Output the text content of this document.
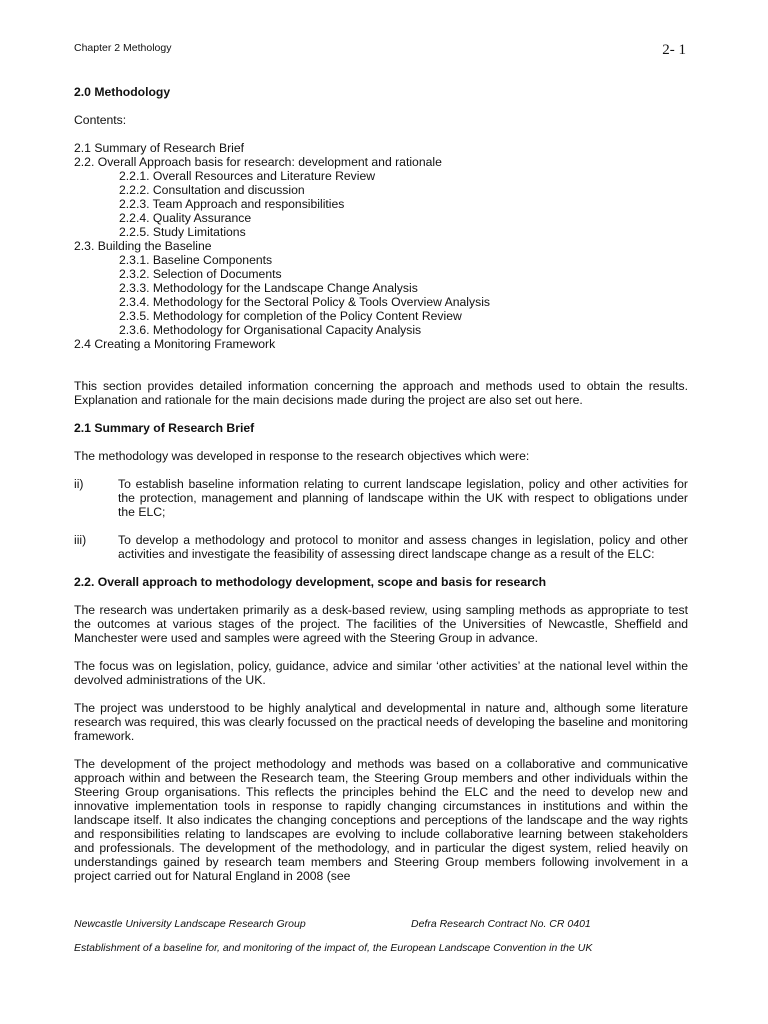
Chapter 2 Methology	2- 1
2.0 Methodology
Contents:
2.1 Summary of Research Brief
2.2. Overall Approach basis for research: development and rationale
2.2.1. Overall Resources and Literature Review
2.2.2. Consultation and discussion
2.2.3. Team Approach and responsibilities
2.2.4. Quality Assurance
2.2.5. Study Limitations
2.3. Building the Baseline
2.3.1. Baseline Components
2.3.2. Selection of Documents
2.3.3. Methodology for the Landscape Change Analysis
2.3.4. Methodology for the Sectoral Policy & Tools Overview Analysis
2.3.5. Methodology for completion of the Policy Content Review
2.3.6. Methodology for Organisational Capacity Analysis
2.4 Creating a Monitoring Framework

This section provides detailed information concerning the approach and methods used to obtain the results. Explanation and rationale for the main decisions made during the project are also set out here.

2.1 Summary of Research Brief

The methodology was developed in response to the research objectives which were:

ii)	To establish baseline information relating to current landscape legislation, policy and other activities for the protection, management and planning of landscape within the UK with respect to obligations under the ELC;
iii)	To develop a methodology and protocol to monitor and assess changes in legislation, policy and other activities and investigate the feasibility of assessing direct landscape change as a result of the ELC:
2.2. Overall approach to methodology development, scope and basis for research

The research was undertaken primarily as a desk-based review, using sampling methods as appropriate to test the outcomes at various stages of the project. The facilities of the Universities of Newcastle, Sheffield and Manchester were used and samples were agreed with the Steering Group in advance.

The focus was on legislation, policy, guidance, advice and similar ‘other activities’ at the national level within the devolved administrations of the UK.

The project was understood to be highly analytical and developmental in nature and, although some literature research was required, this was clearly focussed on the practical needs of developing the baseline and monitoring framework.

The development of the project methodology and methods was based on a collaborative and communicative approach within and between the Research team, the Steering Group members and other individuals within the Steering Group organisations. This reflects the principles behind the ELC and the need to develop new and innovative implementation tools in response to rapidly changing circumstances in institutions and within the landscape itself. It also indicates the changing conceptions and perceptions of the landscape and the way rights and responsibilities relating to landscapes are evolving to include collaborative learning between stakeholders and professionals. The development of the methodology, and in particular the digest system, relied heavily on understandings gained by research team members and Steering Group members following involvement in a project carried out for Natural England in 2008 (see

Newcastle University Landscape Research Group	Defra Research Contract No. CR 0401
Establishment of a baseline for, and monitoring of the impact of, the European Landscape Convention in the UK
